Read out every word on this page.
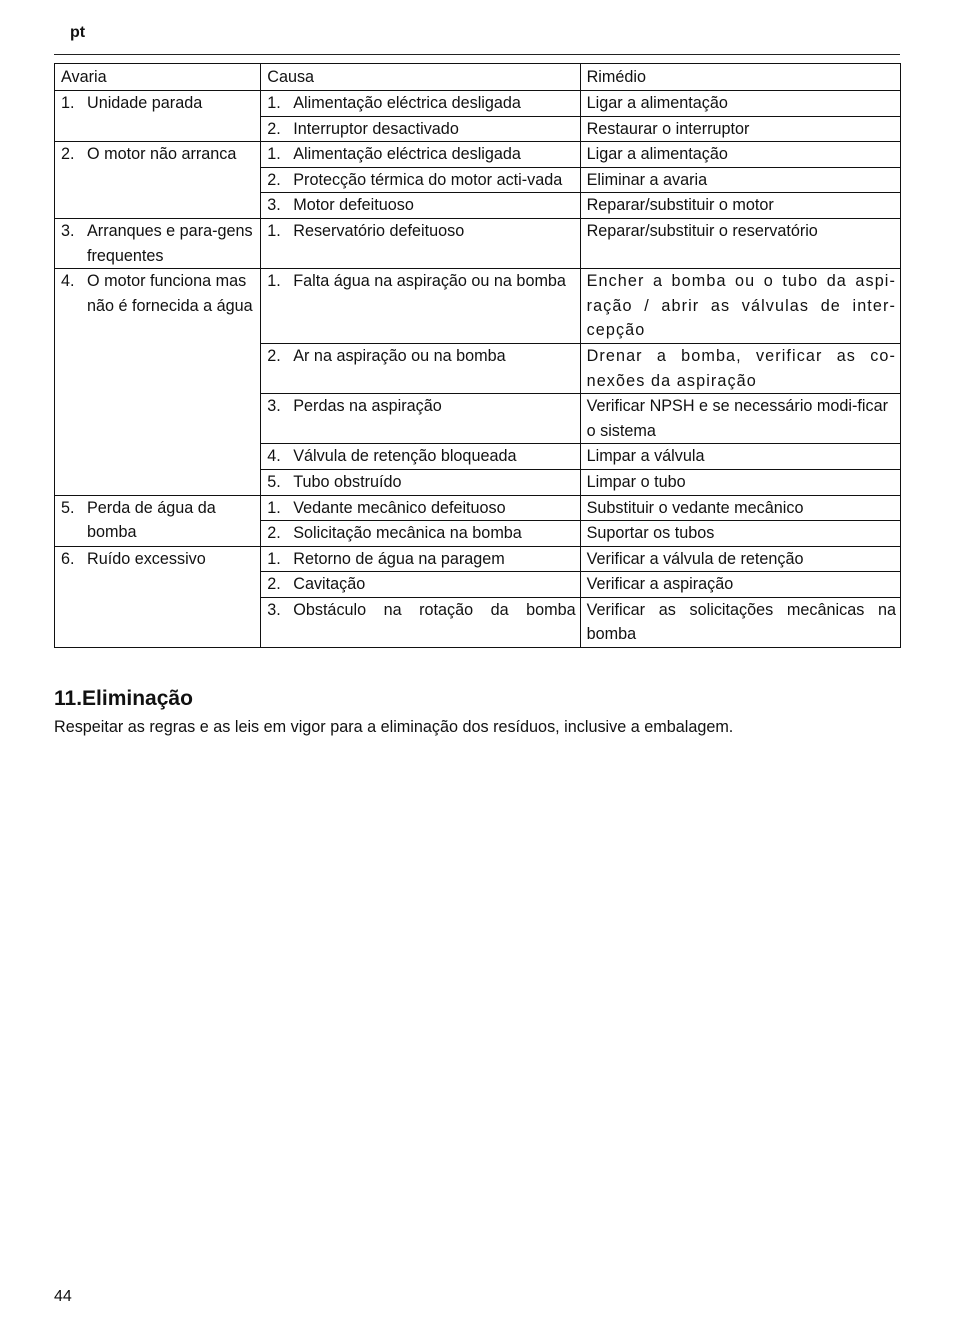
pt
Avaria	Causa	Rimédio

1. Unidade parada	1. Alimentação eléctrica desligada	Ligar a alimentação

	2. Interruptor desactivado	Restaurar o interruptor

2. O motor não arranca	1. Alimentação eléctrica desligada	Ligar a alimentação

	2. Protecção térmica do motor acti-vada	Eliminar a avaria

	3. Motor defeituoso	Reparar/substituir o motor

3. Arranques e para-gens frequentes	1. Reservatório defeituoso	Reparar/substituir o reservatório

4. O motor funciona mas não é fornecida a água	1. Falta água na aspiração ou na bomba	Encher a bomba ou o tubo da aspi-ração / abrir as válvulas de inter-cepção

	2. Ar na aspiração ou na bomba	Drenar a bomba, verificar as co-nexões da aspiração

	3. Perdas na aspiração	Verificar NPSH e se necessário modi-ficar o sistema

	4. Válvula de retenção bloqueada	Limpar a válvula

	5. Tubo obstruído	Limpar o tubo

5. Perda de água da bomba	1. Vedante mecânico defeituoso	Substituir o vedante mecânico

	2. Solicitação mecânica na bomba	Suportar os tubos

6. Ruído excessivo	1. Retorno de água na paragem	Verificar a válvula de retenção

	2. Cavitação	Verificar a aspiração

	3. Obstáculo na rotação da bomba	Verificar as solicitações mecânicas na bomba
11.Eliminação
Respeitar as regras e as leis em vigor para a eliminação dos resíduos, inclusive a embalagem.
44
